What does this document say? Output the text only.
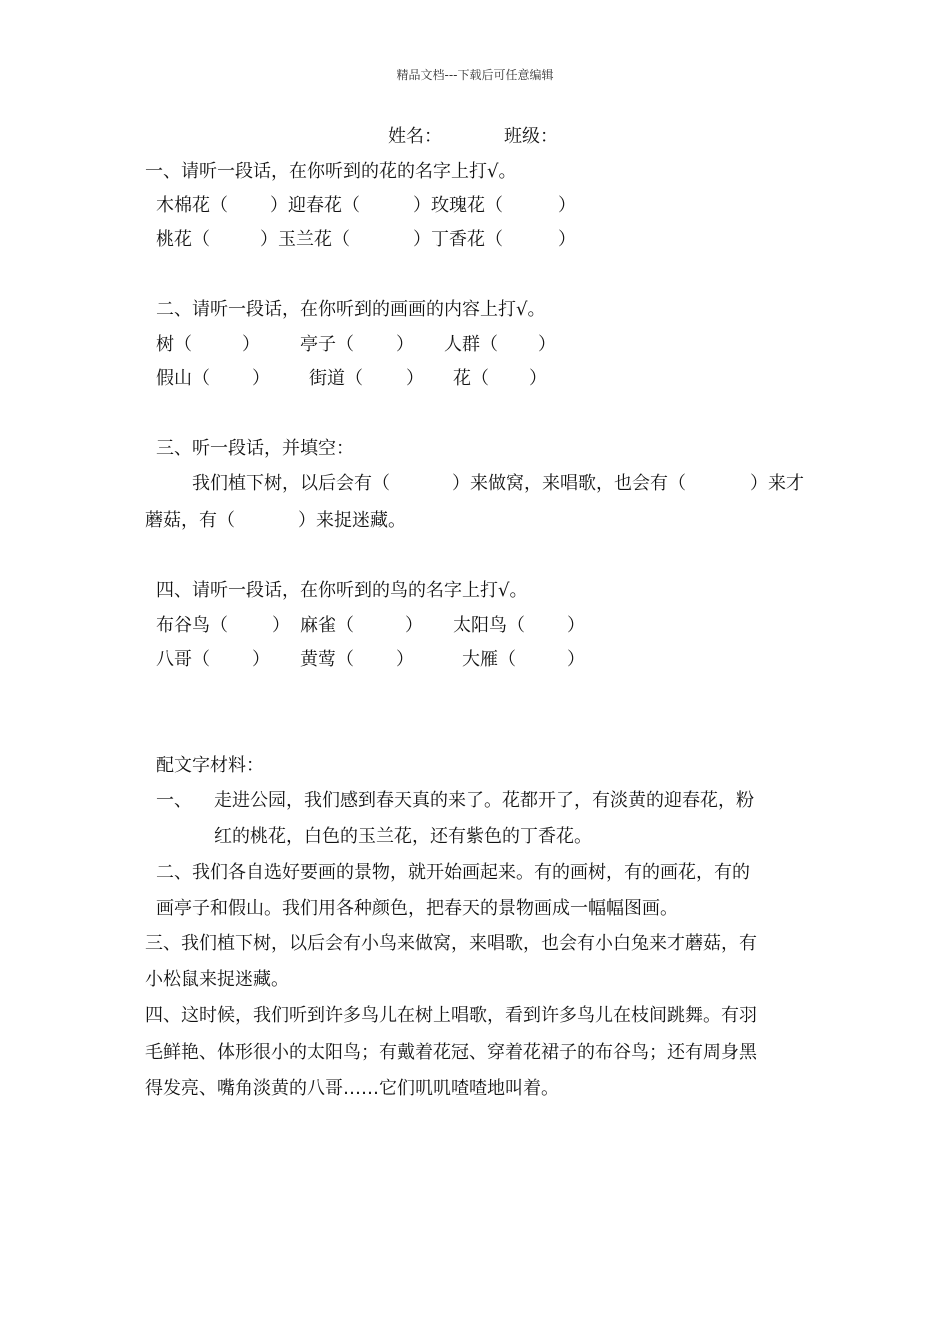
精品文档---下载后可任意编辑
姓名：	班级：
一、请听一段话，在你听到的花的名字上打√。
木棉花（ ）迎春花（	）玫瑰花（	）
桃花（	）玉兰花（	）丁香花（	）
二、请听一段话，在你听到的画画的内容上打√。
树（	） 亭子（ ） 人群（ ）
假山（ ） 街道（ ） 花（ ）
三、听一段话，并填空：
我们植下树，以后会有（	）来做窝，来唱歌，也会有（	）来才
蘑菇，有（	）来捉迷藏。
四、请听一段话，在你听到的鸟的名字上打√。
布谷鸟（ ） 麻雀（	） 太阳鸟（ ）
八哥（ ） 黄莺（ ）	大雁（	）
配文字材料：
一、 走进公园，我们感到春天真的来了。花都开了，有淡黄的迎春花，粉
红的桃花，白色的玉兰花，还有紫色的丁香花。
二、我们各自选好要画的景物，就开始画起来。有的画树，有的画花，有的
画亭子和假山。我们用各种颜色，把春天的景物画成一幅幅图画。
三、我们植下树，以后会有小鸟来做窝，来唱歌，也会有小白兔来才蘑菇，有
小松鼠来捉迷藏。
四、这时候，我们听到许多鸟儿在树上唱歌，看到许多鸟儿在枝间跳舞。有羽
毛鲜艳、体形很小的太阳鸟；有戴着花冠、穿着花裙子的布谷鸟；还有周身黑
得发亮、嘴角淡黄的八哥……它们叽叽喳喳地叫着。
